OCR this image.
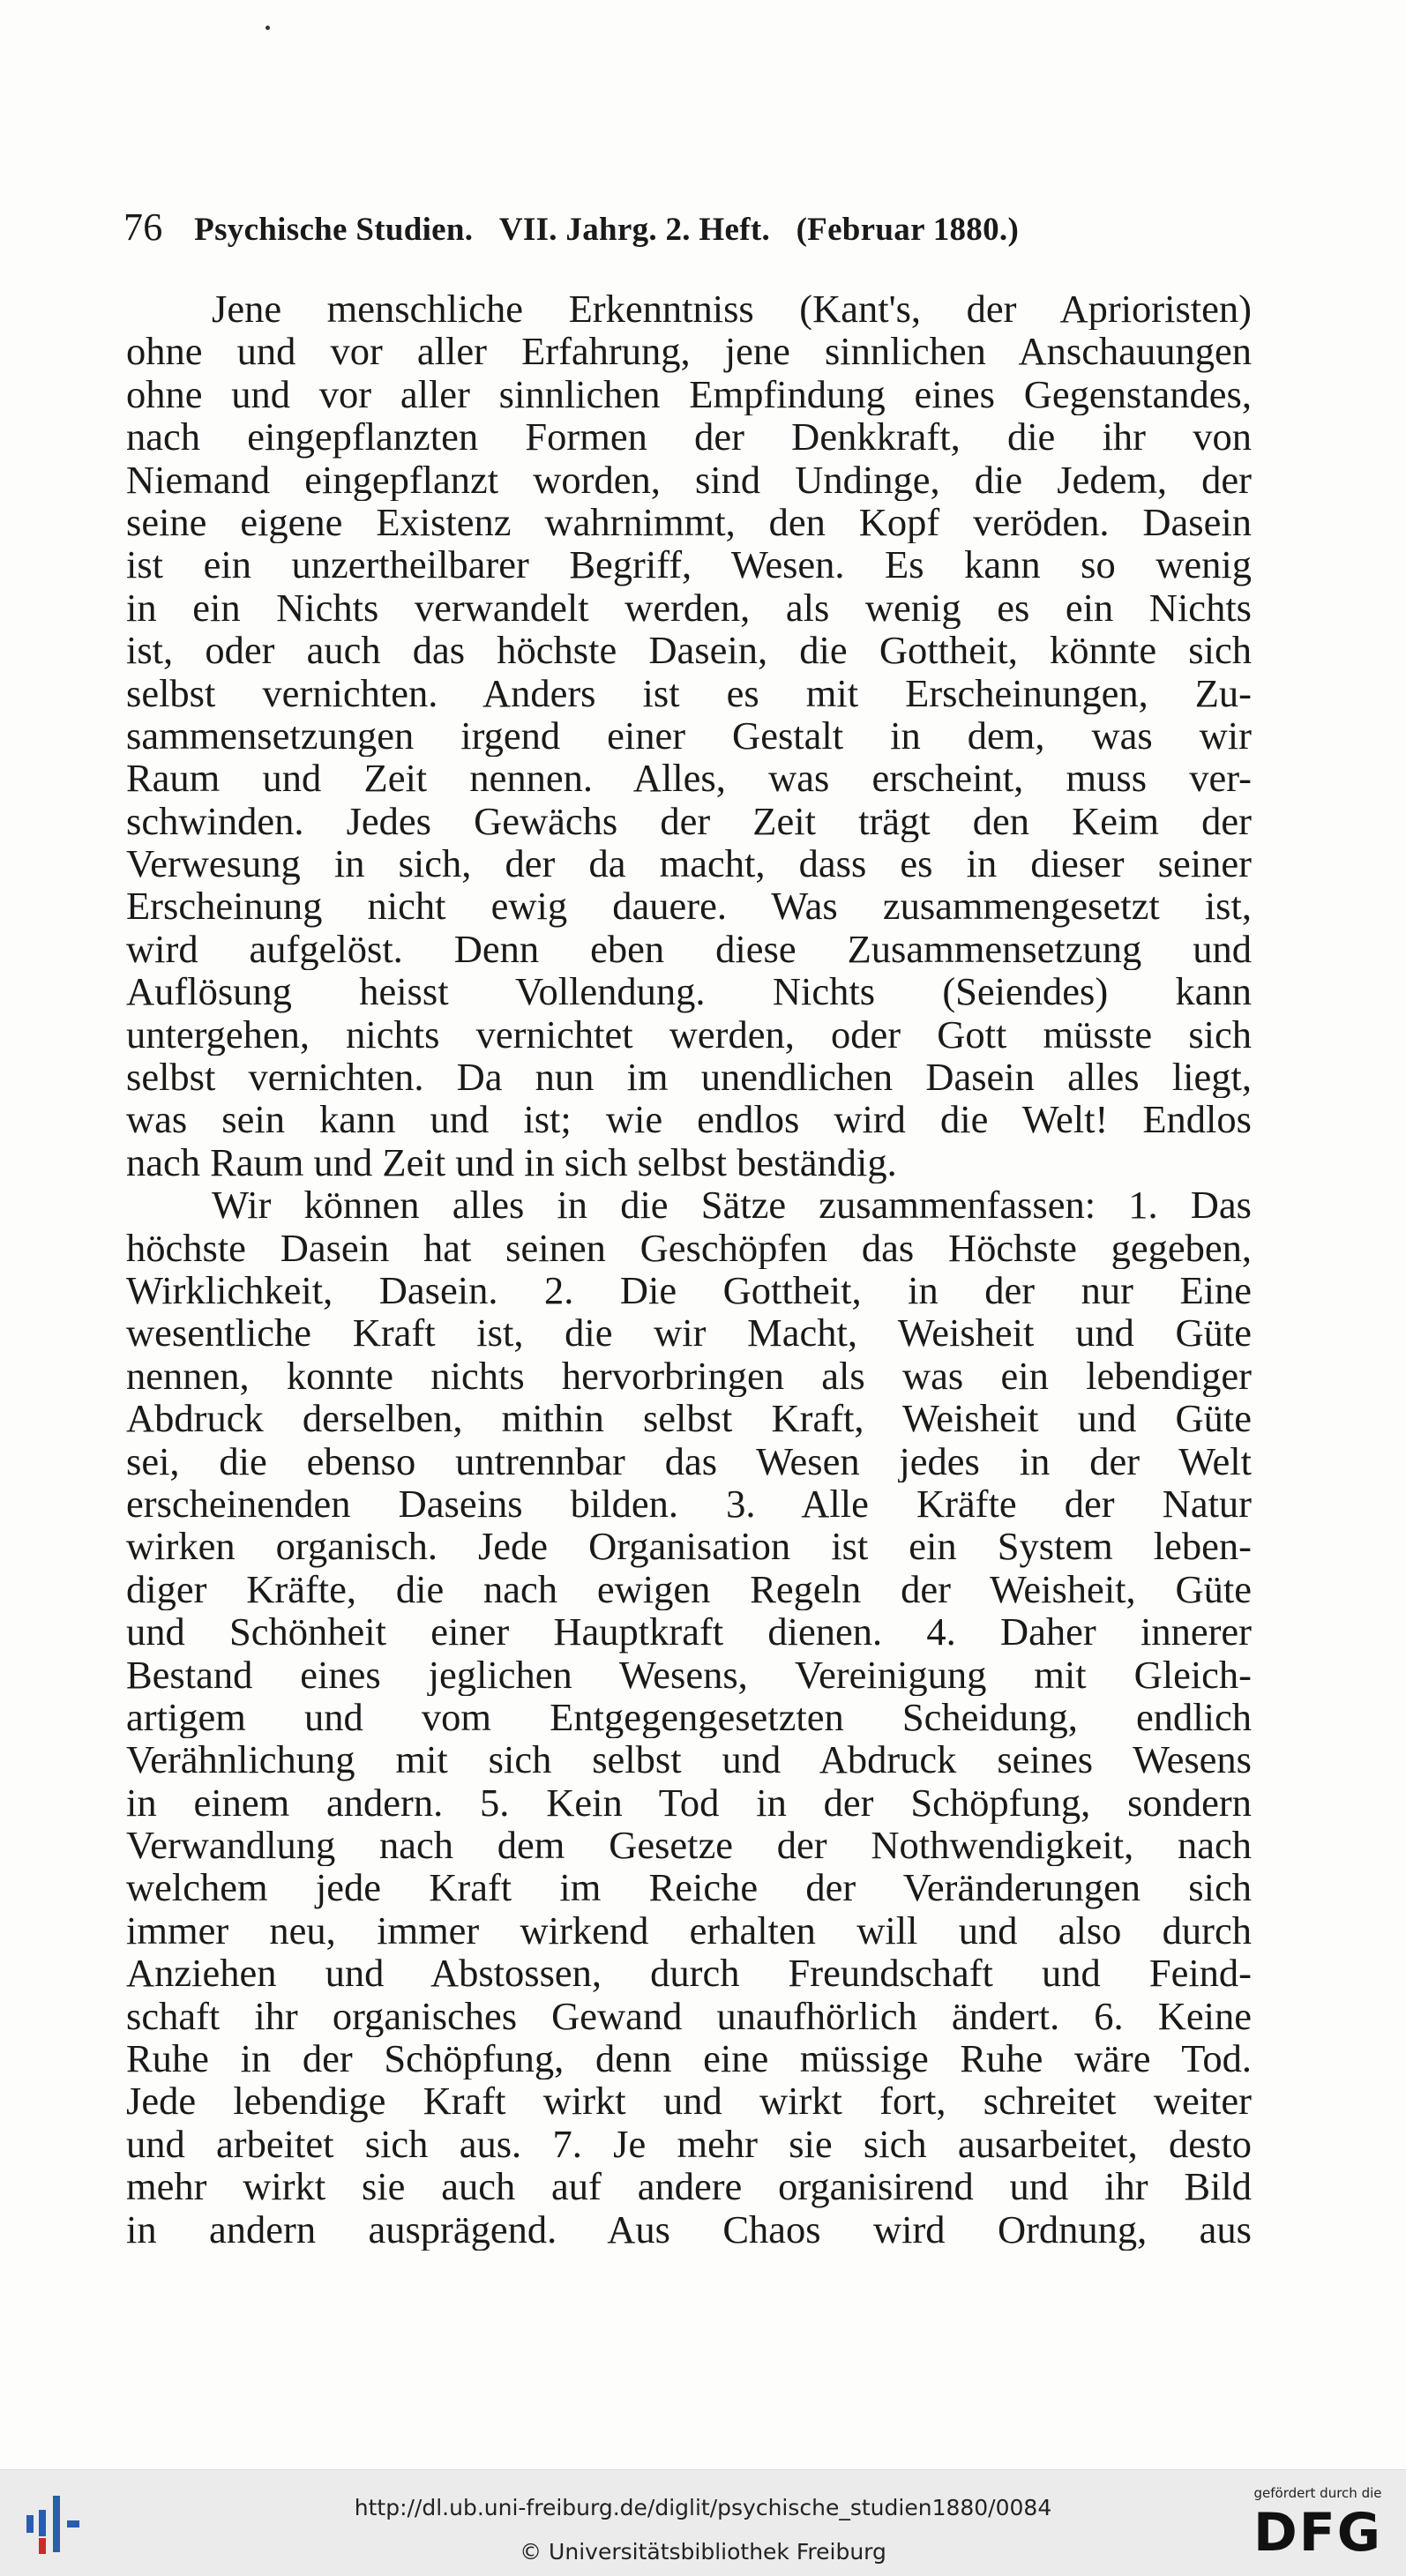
76 Psychische Studien. VII. Jahrg. 2. Heft. (Februar 1880.)
Jene menschliche Erkenntniss (Kant's, der Aprioristen)
ohne und vor aller Erfahrung, jene sinnlichen Anschauungen
ohne und vor aller sinnlichen Empfindung eines Gegenstandes,
nach eingepflanzten Formen der Denkkraft, die ihr von
Niemand eingepflanzt worden, sind Undinge, die Jedem, der
seine eigene Existenz wahrnimmt, den Kopf veröden. Dasein
ist ein unzertheilbarer Begriff, Wesen. Es kann so wenig
in ein Nichts verwandelt werden, als wenig es ein Nichts
ist, oder auch das höchste Dasein, die Gottheit, könnte sich
selbst vernichten. Anders ist es mit Erscheinungen, Zu-
sammensetzungen irgend einer Gestalt in dem, was wir
Raum und Zeit nennen. Alles, was erscheint, muss ver-
schwinden. Jedes Gewächs der Zeit trägt den Keim der
Verwesung in sich, der da macht, dass es in dieser seiner
Erscheinung nicht ewig dauere. Was zusammengesetzt ist,
wird aufgelöst. Denn eben diese Zusammensetzung und
Auflösung heisst Vollendung. Nichts (Seiendes) kann
untergehen, nichts vernichtet werden, oder Gott müsste sich
selbst vernichten. Da nun im unendlichen Dasein alles liegt,
was sein kann und ist; wie endlos wird die Welt! Endlos
nach Raum und Zeit und in sich selbst beständig.
Wir können alles in die Sätze zusammenfassen: 1. Das
höchste Dasein hat seinen Geschöpfen das Höchste gegeben,
Wirklichkeit, Dasein. 2. Die Gottheit, in der nur Eine
wesentliche Kraft ist, die wir Macht, Weisheit und Güte
nennen, konnte nichts hervorbringen als was ein lebendiger
Abdruck derselben, mithin selbst Kraft, Weisheit und Güte
sei, die ebenso untrennbar das Wesen jedes in der Welt
erscheinenden Daseins bilden. 3. Alle Kräfte der Natur
wirken organisch. Jede Organisation ist ein System leben-
diger Kräfte, die nach ewigen Regeln der Weisheit, Güte
und Schönheit einer Hauptkraft dienen. 4. Daher innerer
Bestand eines jeglichen Wesens, Vereinigung mit Gleich-
artigem und vom Entgegengesetzten Scheidung, endlich
Verähnlichung mit sich selbst und Abdruck seines Wesens
in einem andern. 5. Kein Tod in der Schöpfung, sondern
Verwandlung nach dem Gesetze der Nothwendigkeit, nach
welchem jede Kraft im Reiche der Veränderungen sich
immer neu, immer wirkend erhalten will und also durch
Anziehen und Abstossen, durch Freundschaft und Feind-
schaft ihr organisches Gewand unaufhörlich ändert. 6. Keine
Ruhe in der Schöpfung, denn eine müssige Ruhe wäre Tod.
Jede lebendige Kraft wirkt und wirkt fort, schreitet weiter
und arbeitet sich aus. 7. Je mehr sie sich ausarbeitet, desto
mehr wirkt sie auch auf andere organisirend und ihr Bild
in andern ausprägend. Aus Chaos wird Ordnung, aus
http://dl.ub.uni-freiburg.de/diglit/psychische_studien1880/0084
© Universitätsbibliothek Freiburg
gefördert durch die
DFG
